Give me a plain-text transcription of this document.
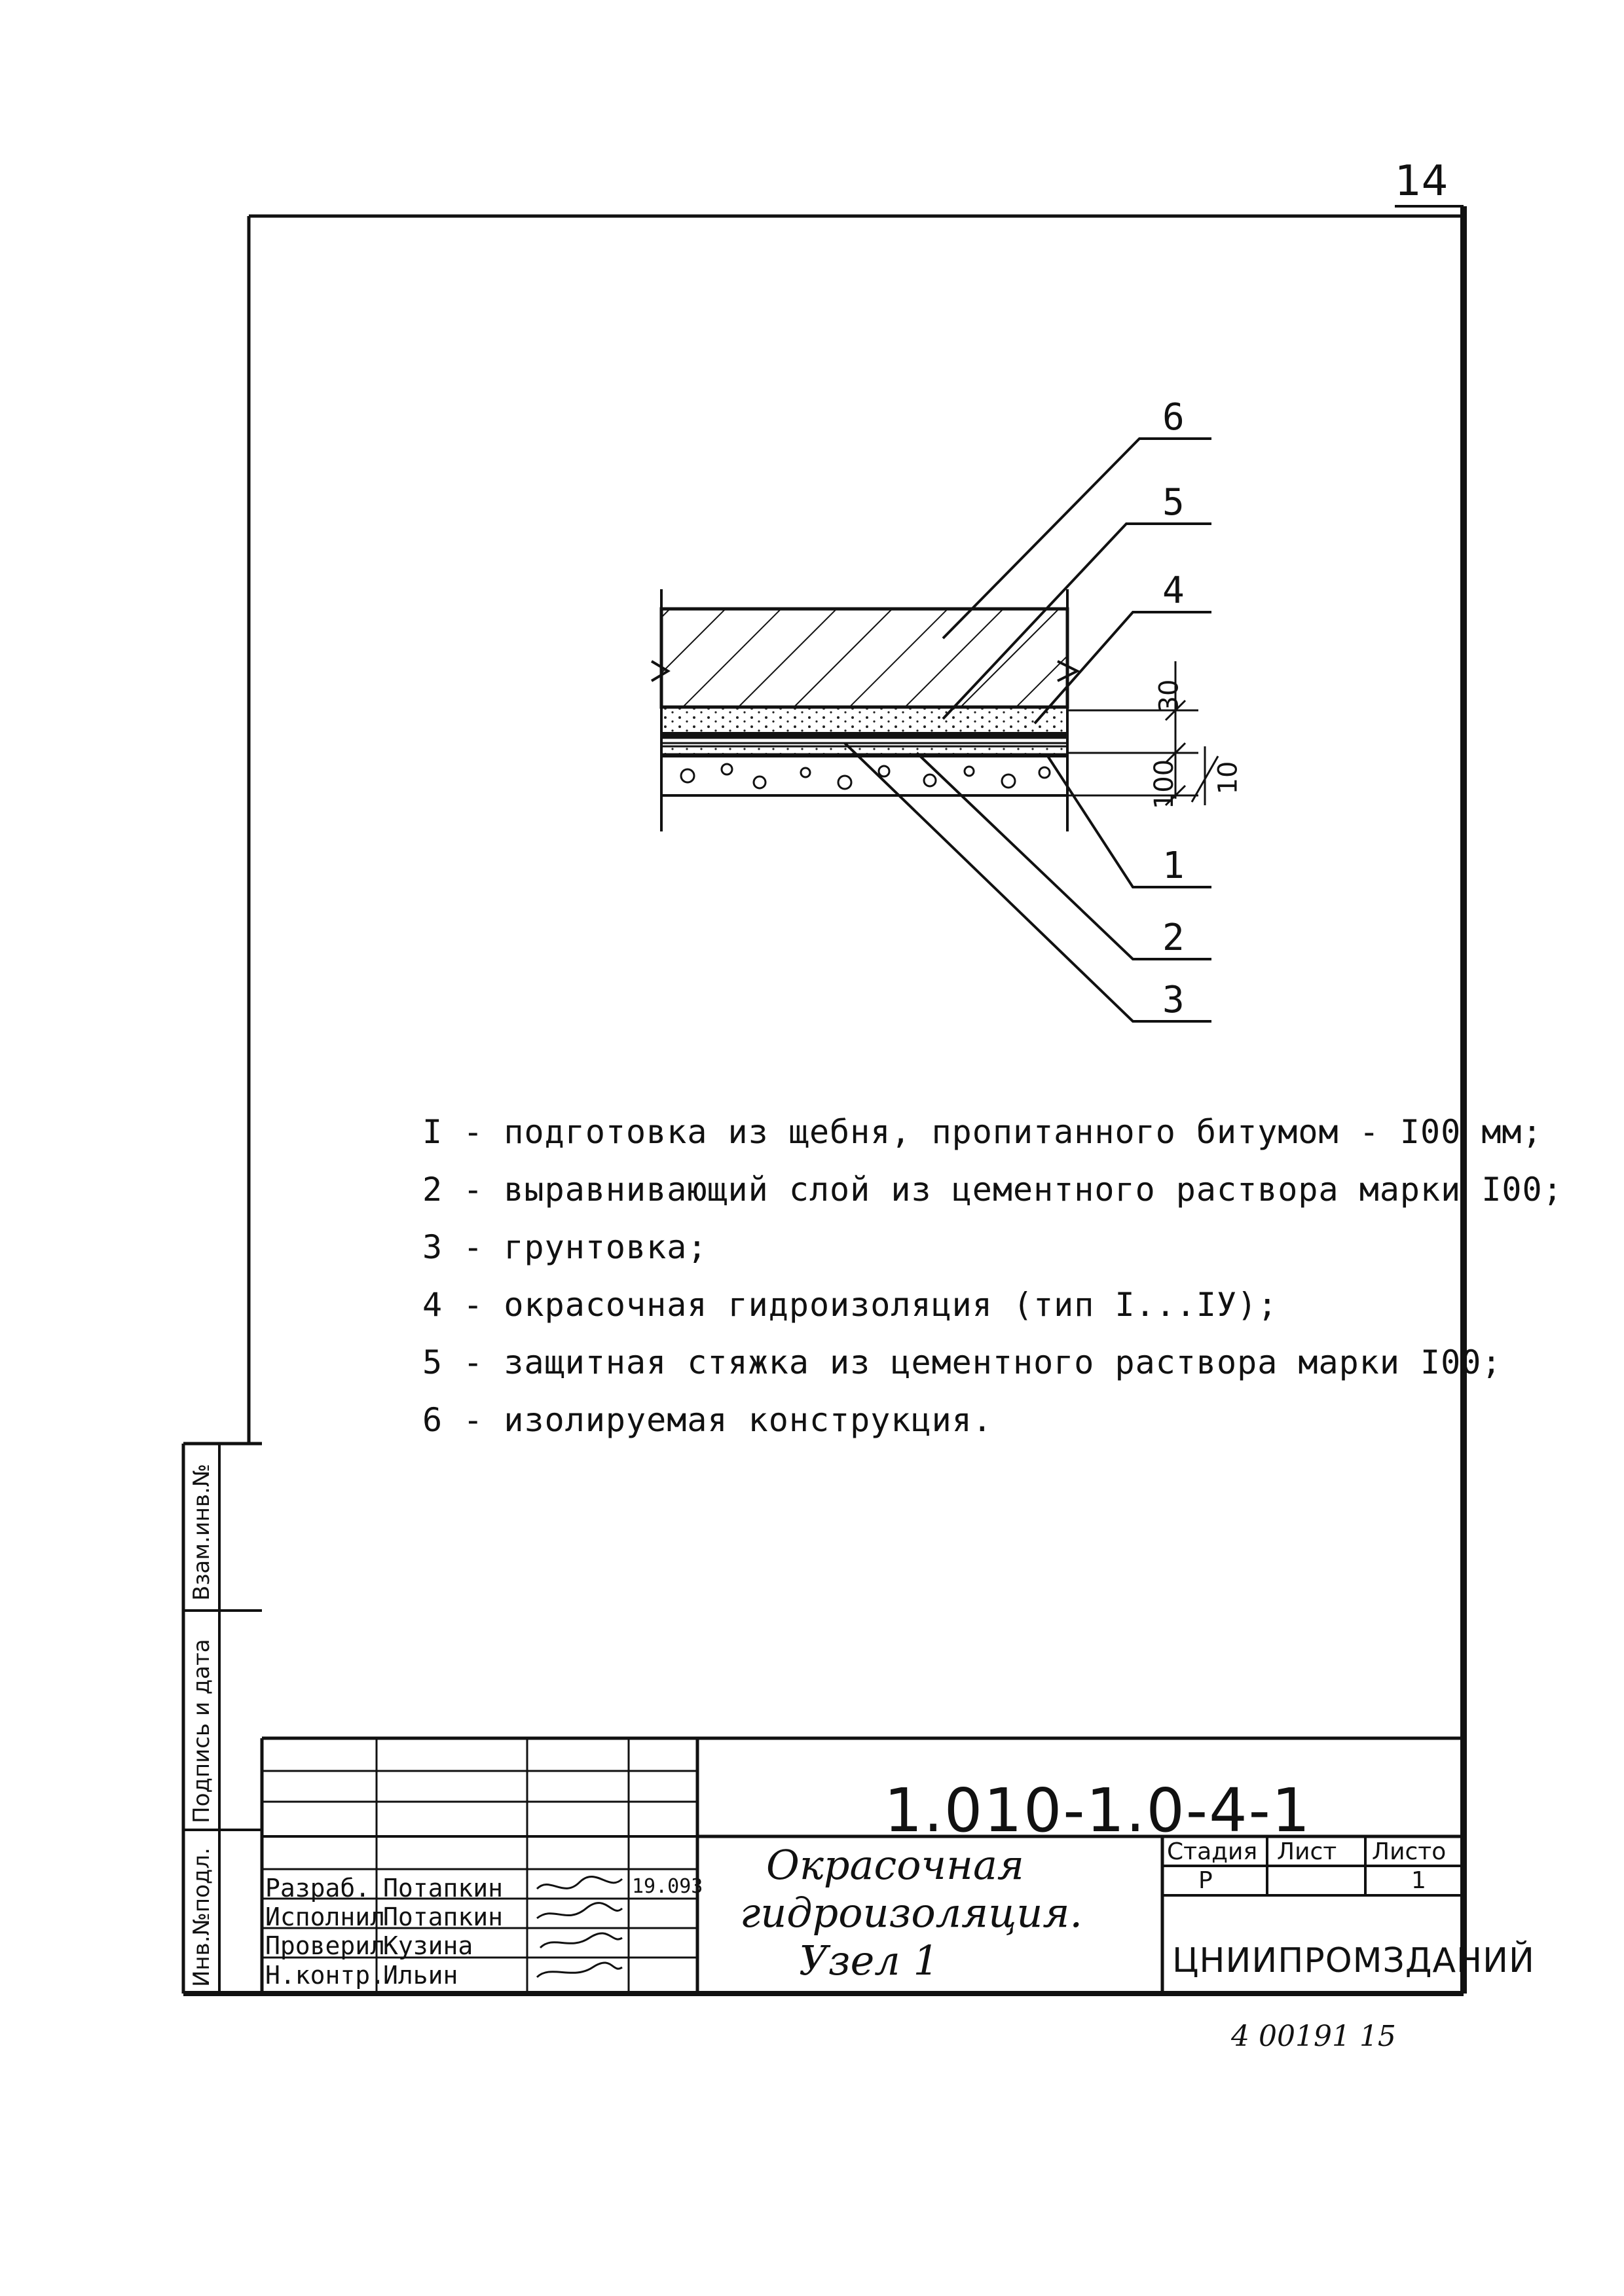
14
30
10
100
6
5
4
1
2
3
I - подготовка из щебня, пропитанного битумом - I00 мм;
2 - выравнивающий слой из цементного раствора марки I00;
3 - грунтовка;
4 - окрасочная гидроизоляция (тип I...IУ);
5 - защитная стяжка из цементного раствора марки I00;
6 - изолируемая конструкция.
1.010-1.0-4-1
Окрасочная
гидроизоляция.
Узел 1
Стадия Лист Листо
Р	1
ЦНИИПРОМЗДАНИЙ
Разраб. Потапкин	19.093
Исполнил
Потапкин
Проверил
Кузина
Н.контр.
Ильин
Взам.инв.№
Подпись и дата
Инв.№подл.
4 00191 15
